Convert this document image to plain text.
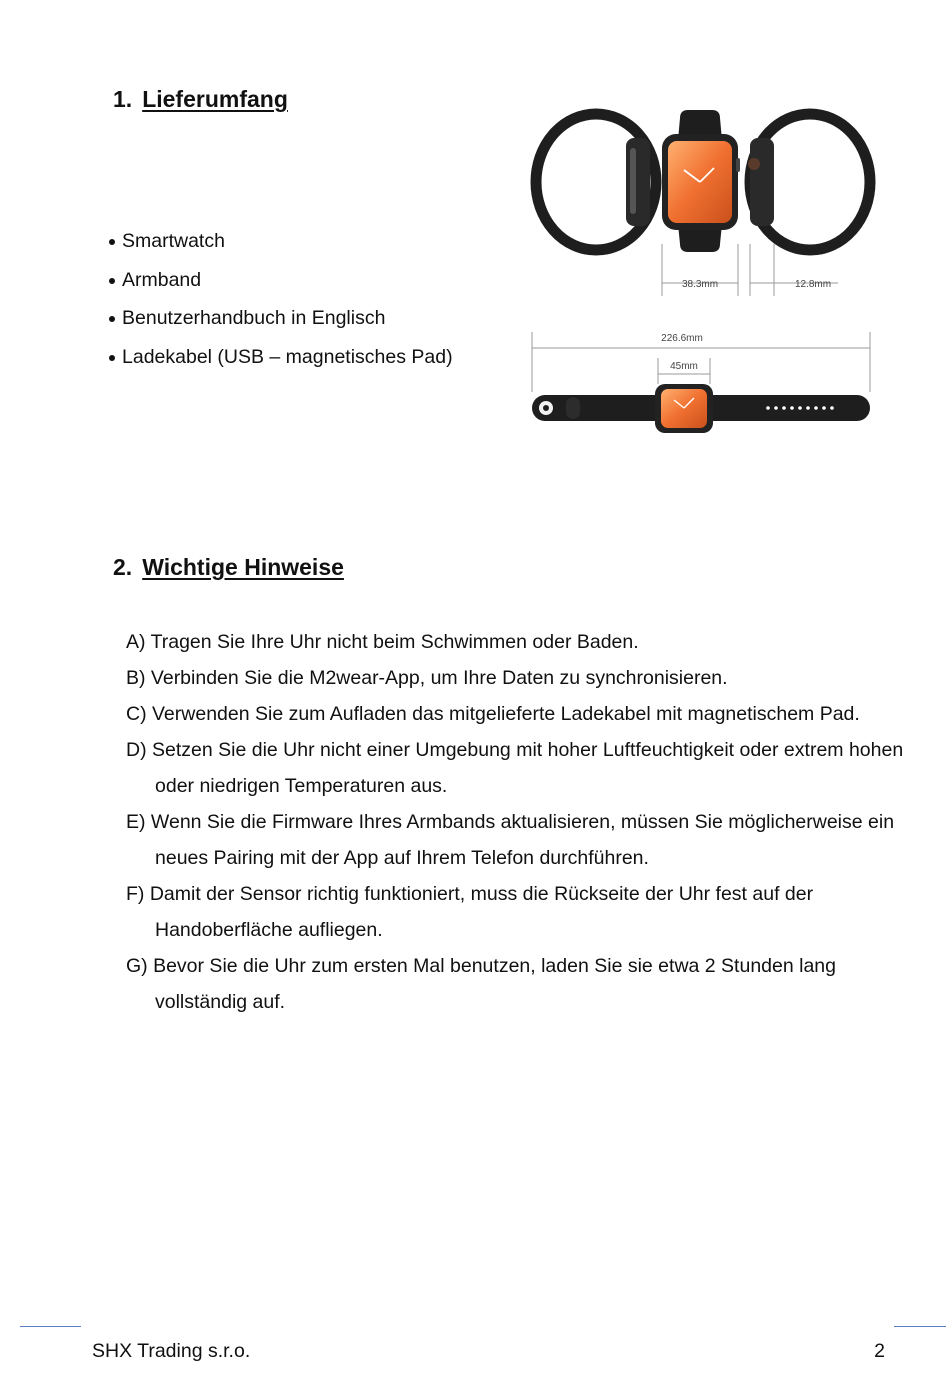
1. Lieferumfang
Smartwatch
Armband
Benutzerhandbuch in Englisch
Ladekabel (USB – magnetisches Pad)
38.3mm	12.8mm
226.6mm
45mm
2. Wichtige Hinweise
A) Tragen Sie Ihre Uhr nicht beim Schwimmen oder Baden.
B) Verbinden Sie die M2wear-App, um Ihre Daten zu synchronisieren.
C) Verwenden Sie zum Aufladen das mitgelieferte Ladekabel mit magnetischem Pad.
D) Setzen Sie die Uhr nicht einer Umgebung mit hoher Luftfeuchtigkeit oder extrem hohen oder niedrigen Temperaturen aus.
E) Wenn Sie die Firmware Ihres Armbands aktualisieren, müssen Sie möglicherweise ein neues Pairing mit der App auf Ihrem Telefon durchführen.
F) Damit der Sensor richtig funktioniert, muss die Rückseite der Uhr fest auf der Handoberfläche aufliegen.
G) Bevor Sie die Uhr zum ersten Mal benutzen, laden Sie sie etwa 2 Stunden lang vollständig auf.
SHX Trading s.r.o.	2
